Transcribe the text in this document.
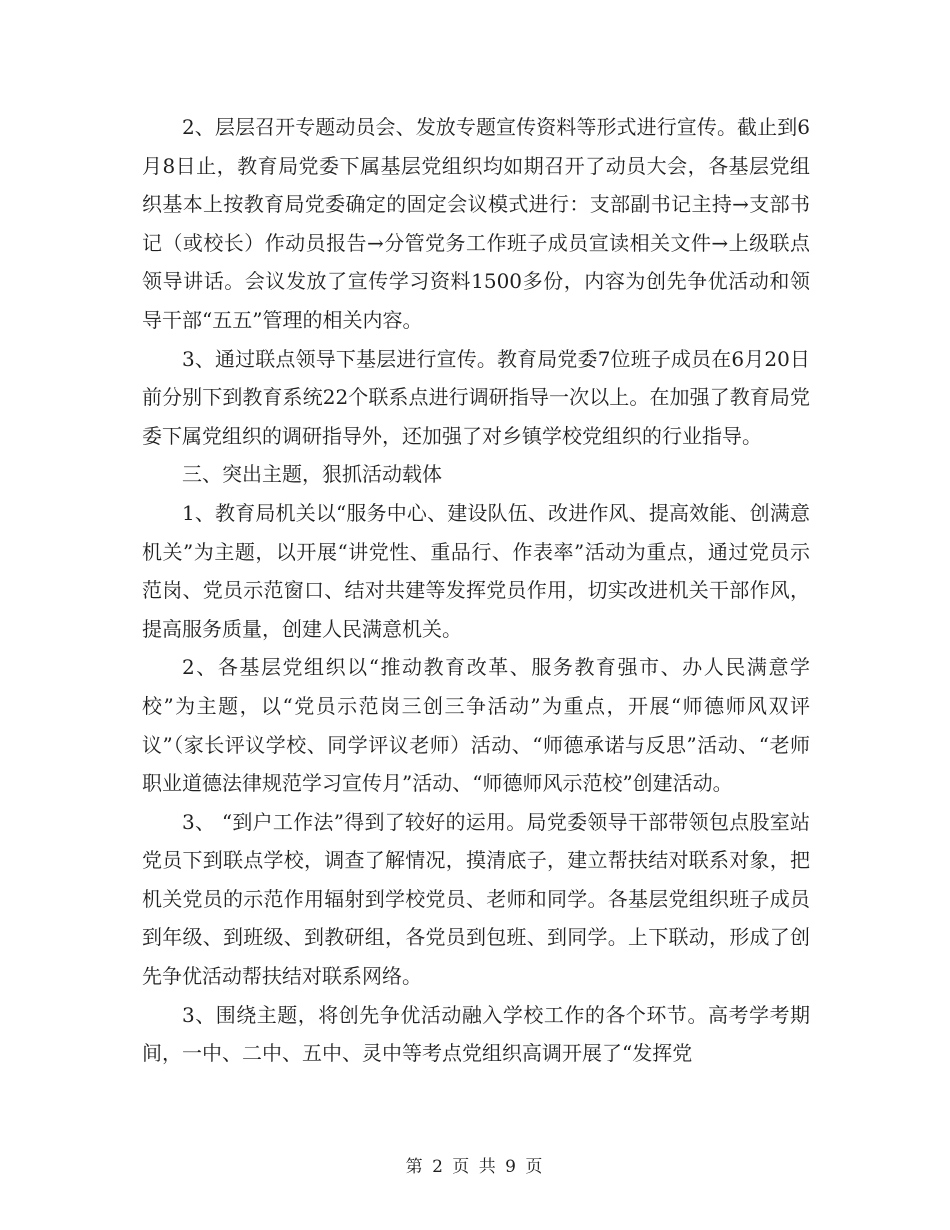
2、层层召开专题动员会、发放专题宣传资料等形式进行宣传。截止到6月8日止，教育局党委下属基层党组织均如期召开了动员大会，各基层党组织基本上按教育局党委确定的固定会议模式进行：支部副书记主持→支部书记（或校长）作动员报告→分管党务工作班子成员宣读相关文件→上级联点领导讲话。会议发放了宣传学习资料1500多份，内容为创先争优活动和领导干部“五五”管理的相关内容。

3、通过联点领导下基层进行宣传。教育局党委7位班子成员在6月20日前分别下到教育系统22个联系点进行调研指导一次以上。在加强了教育局党委下属党组织的调研指导外，还加强了对乡镇学校党组织的行业指导。

三、突出主题，狠抓活动载体

1、教育局机关以“服务中心、建设队伍、改进作风、提高效能、创满意机关”为主题，以开展“讲党性、重品行、作表率”活动为重点，通过党员示范岗、党员示范窗口、结对共建等发挥党员作用，切实改进机关干部作风，提高服务质量，创建人民满意机关。

2、各基层党组织以“推动教育改革、服务教育强市、办人民满意学校”为主题，以“党员示范岗三创三争活动”为重点，开展“师德师风双评议”（家长评议学校、同学评议老师）活动、“师德承诺与反思”活动、“老师职业道德法律规范学习宣传月”活动、“师德师风示范校”创建活动。

3、 “到户工作法”得到了较好的运用。局党委领导干部带领包点股室站党员下到联点学校，调查了解情况，摸清底子，建立帮扶结对联系对象，把机关党员的示范作用辐射到学校党员、老师和同学。各基层党组织班子成员到年级、到班级、到教研组，各党员到包班、到同学。上下联动，形成了创先争优活动帮扶结对联系网络。

3、围绕主题，将创先争优活动融入学校工作的各个环节。高考学考期间，一中、二中、五中、灵中等考点党组织高调开展了“发挥党

第 2 页 共 9 页
